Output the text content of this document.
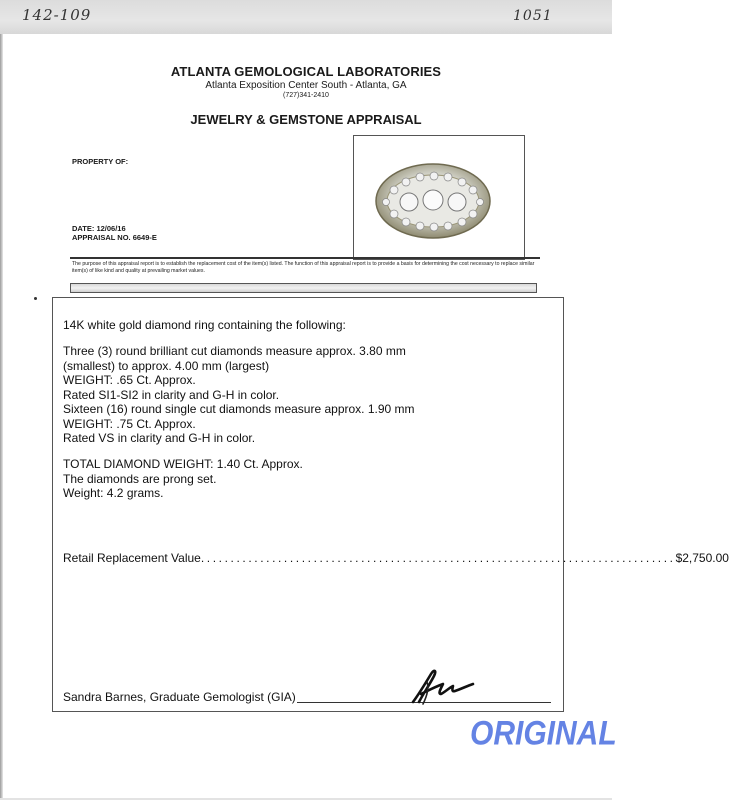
142-109	1051
ATLANTA GEMOLOGICAL LABORATORIES
Atlanta Exposition Center South - Atlanta, GA
(727)341-2410
JEWELRY & GEMSTONE APPRAISAL
PROPERTY OF:
DATE: 12/06/16
APPRAISAL NO. 6649-E
The purpose of this appraisal report is to establish the replacement cost of the item(s) listed. The function of this appraisal report is to provide a basis for determining the cost necessary to replace similar item(s) of like kind and quality at prevailing market values.
14K white gold diamond ring containing the following:
Three (3) round brilliant cut diamonds measure approx. 3.80 mm
(smallest) to approx. 4.00 mm (largest)
WEIGHT: .65 Ct. Approx.
Rated SI1-SI2 in clarity and G-H in color.
Sixteen (16) round single cut diamonds measure approx. 1.90 mm
WEIGHT: .75 Ct. Approx.
Rated VS in clarity and G-H in color.
TOTAL DIAMOND WEIGHT: 1.40 Ct. Approx.
The diamonds are prong set.
Weight: 4.2 grams.
Retail Replacement Value ................................................................................ $2,750.00
Sandra Barnes, Graduate Gemologist (GIA)
ORIGINAL
